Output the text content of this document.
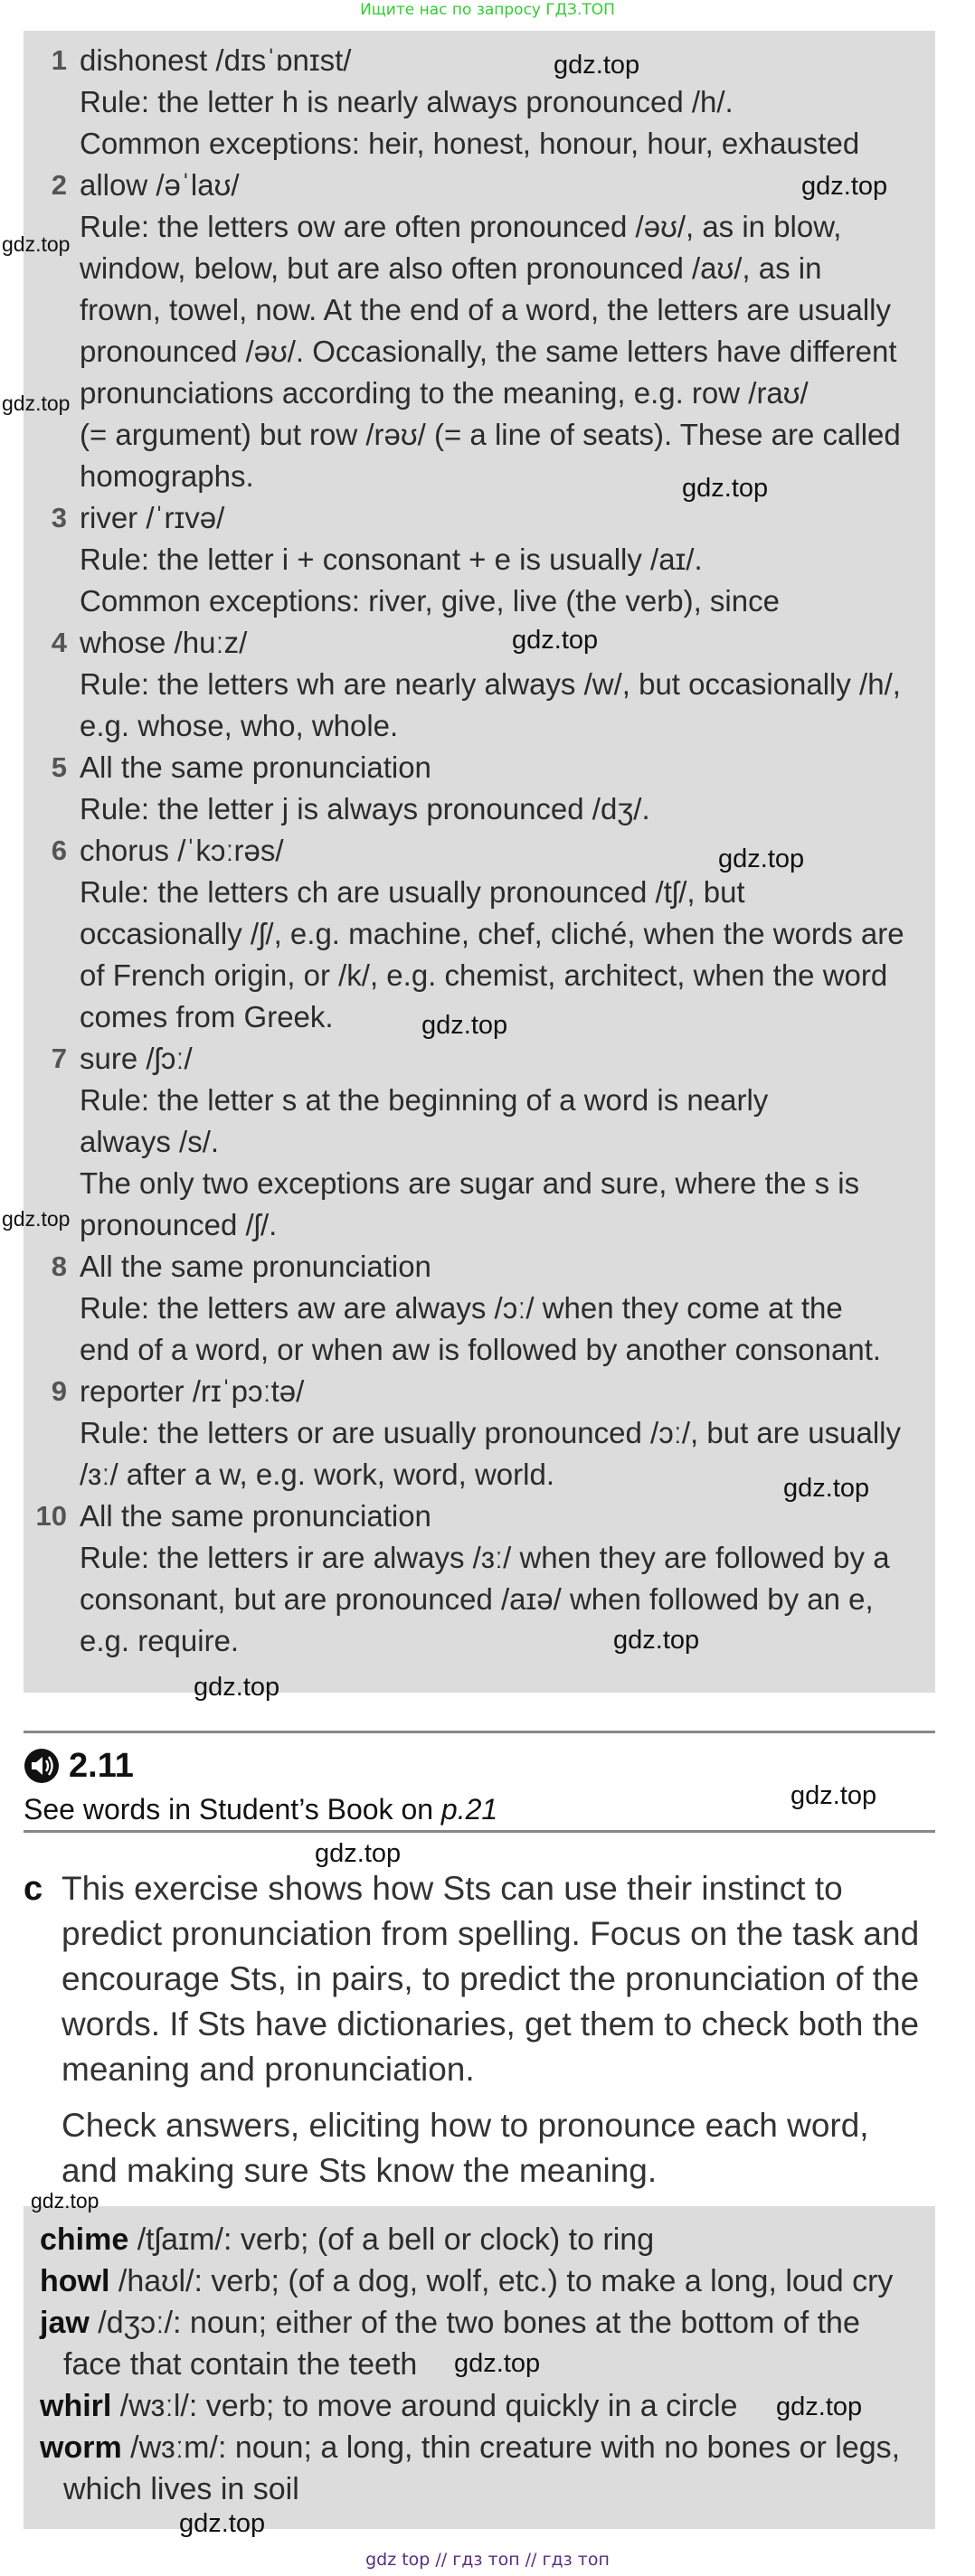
Ищите нас по запросу ГДЗ.ТОП
1 dishonest /dɪsˈɒnɪst/
Rule: the letter h is nearly always pronounced /h/.
Common exceptions: heir, honest, honour, hour, exhausted
2 allow /əˈlaʊ/
Rule: the letters ow are often pronounced /əʊ/, as in blow,
window, below, but are also often pronounced /aʊ/, as in
frown, towel, now. At the end of a word, the letters are usually
pronounced /əʊ/. Occasionally, the same letters have different
pronunciations according to the meaning, e.g. row /raʊ/
(= argument) but row /rəʊ/ (= a line of seats). These are called
homographs.
3 river /ˈrɪvə/
Rule: the letter i + consonant + e is usually /aɪ/.
Common exceptions: river, give, live (the verb), since
4 whose /huːz/
Rule: the letters wh are nearly always /w/, but occasionally /h/,
e.g. whose, who, whole.
5 All the same pronunciation
Rule: the letter j is always pronounced /dʒ/.
6 chorus /ˈkɔːrəs/
Rule: the letters ch are usually pronounced /tʃ/, but
occasionally /ʃ/, e.g. machine, chef, cliché, when the words are
of French origin, or /k/, e.g. chemist, architect, when the word
comes from Greek.
7 sure /ʃɔː/
Rule: the letter s at the beginning of a word is nearly
always /s/.
The only two exceptions are sugar and sure, where the s is
pronounced /ʃ/.
8 All the same pronunciation
Rule: the letters aw are always /ɔː/ when they come at the
end of a word, or when aw is followed by another consonant.
9 reporter /rɪˈpɔːtə/
Rule: the letters or are usually pronounced /ɔː/, but are usually
/ɜː/ after a w, e.g. work, word, world.
10 All the same pronunciation
Rule: the letters ir are always /ɜː/ when they are followed by a
consonant, but are pronounced /aɪə/ when followed by an e,
e.g. require.
2.11
See words in Student’s Book on p.21
c This exercise shows how Sts can use their instinct to
predict pronunciation from spelling. Focus on the task and
encourage Sts, in pairs, to predict the pronunciation of the
words. If Sts have dictionaries, get them to check both the
meaning and pronunciation.
Check answers, eliciting how to pronounce each word,
and making sure Sts know the meaning.
chime /tʃaɪm/: verb; (of a bell or clock) to ring
howl /haʊl/: verb; (of a dog, wolf, etc.) to make a long, loud cry
jaw /dʒɔː/: noun; either of the two bones at the bottom of the
face that contain the teeth
whirl /wɜːl/: verb; to move around quickly in a circle
worm /wɜːm/: noun; a long, thin creature with no bones or legs,
which lives in soil
gdz.top
gdz.top
gdz.top
gdz.top
gdz.top
gdz.top
gdz.top
gdz.top
gdz.top
gdz.top
gdz.top
gdz.top
gdz.top
gdz.top
gdz.top
gdz.top
gdz.top
gdz.top
gdz top // гдз топ // гдз топ
